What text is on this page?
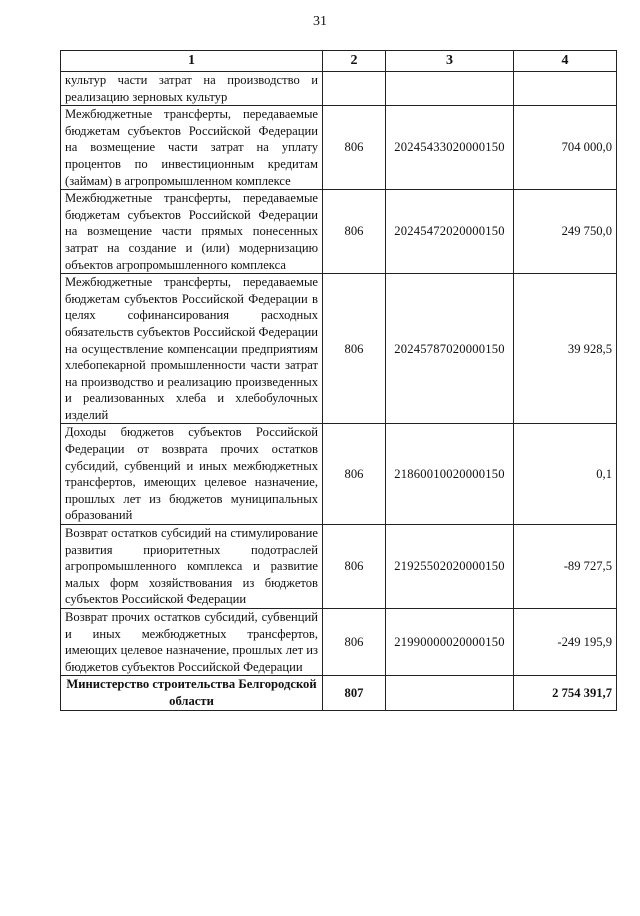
31
1	2	3	4
культур части затрат на производство и реализацию зерновых культур			
Межбюджетные трансферты, передаваемые бюджетам субъектов Российской Федерации на возмещение части затрат на уплату процентов по инвестиционным кредитам (займам) в агропромышленном комплексе	806	20245433020000150	704 000,0
Межбюджетные трансферты, передаваемые бюджетам субъектов Российской Федерации на возмещение части прямых понесенных затрат на создание и (или) модернизацию объектов агропромышленного комплекса	806	20245472020000150	249 750,0
Межбюджетные трансферты, передаваемые бюджетам субъектов Российской Федерации в целях софинансирования расходных обязательств субъектов Российской Федерации на осуществление компенсации предприятиям хлебопекарной промышленности части затрат на производство и реализацию произведенных и реализованных хлеба и хлебобулочных изделий	806	20245787020000150	39 928,5
Доходы бюджетов субъектов Российской Федерации от возврата прочих остатков субсидий, субвенций и иных межбюджетных трансфертов, имеющих целевое назначение, прошлых лет из бюджетов муниципальных образований	806	21860010020000150	0,1
Возврат остатков субсидий на стимулирование развития приоритетных подотраслей агропромышленного комплекса и развитие малых форм хозяйствования из бюджетов субъектов Российской Федерации	806	21925502020000150	-89 727,5
Возврат прочих остатков субсидий, субвенций и иных межбюджетных трансфертов, имеющих целевое назначение, прошлых лет из бюджетов субъектов Российской Федерации	806	21990000020000150	-249 195,9
Министерство строительства Белгородской области	807		2 754 391,7
